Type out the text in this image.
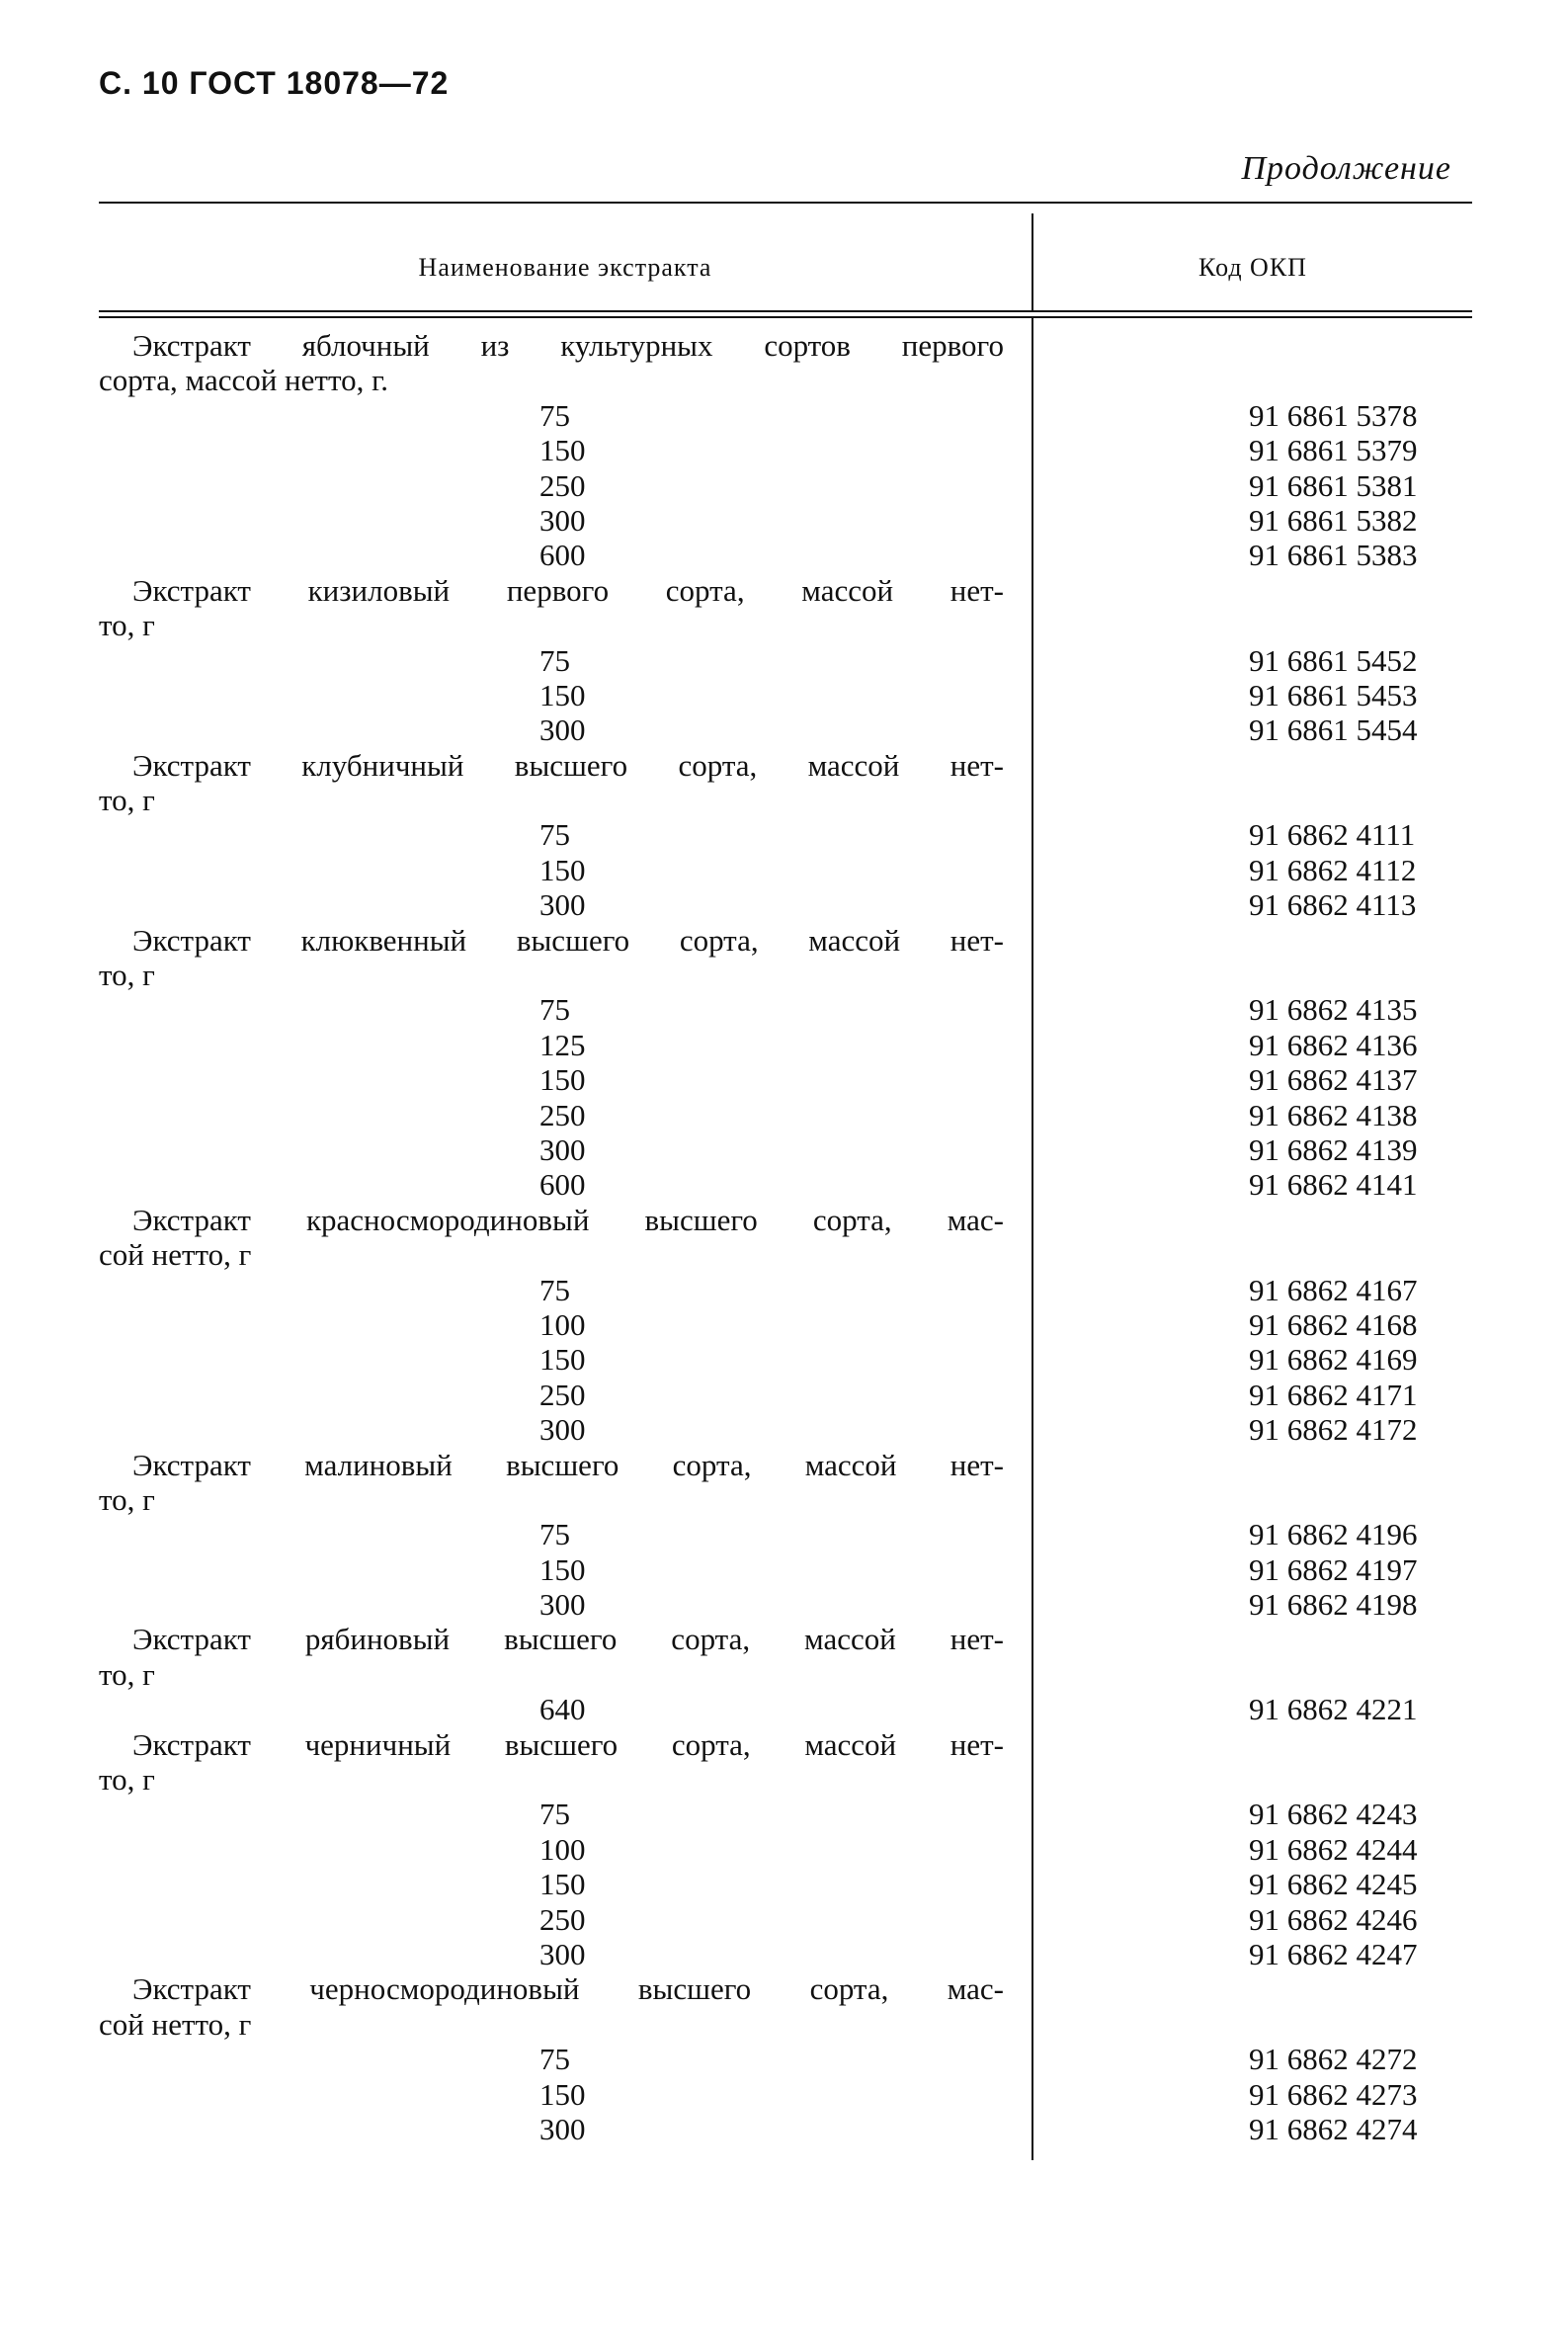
С. 10 ГОСТ 18078—72
Продолжение
Наименование экстракта	Код ОКП
Экстракт яблочный из культурных сортов первого
сорта, массой нетто, г.
75	91 6861 5378
150	91 6861 5379
250	91 6861 5381
300	91 6861 5382
600	91 6861 5383
Экстракт кизиловый первого сорта, массой нет-
то, г
75	91 6861 5452
150	91 6861 5453
300	91 6861 5454
Экстракт клубничный высшего сорта, массой нет-
то, г
75	91 6862 4111
150	91 6862 4112
300	91 6862 4113
Экстракт клюквенный высшего сорта, массой нет-
то, г
75	91 6862 4135
125	91 6862 4136
150	91 6862 4137
250	91 6862 4138
300	91 6862 4139
600	91 6862 4141
Экстракт красносмородиновый высшего сорта, мас-
сой нетто, г
75	91 6862 4167
100	91 6862 4168
150	91 6862 4169
250	91 6862 4171
300	91 6862 4172
Экстракт малиновый высшего сорта, массой нет-
то, г
75	91 6862 4196
150	91 6862 4197
300	91 6862 4198
Экстракт рябиновый высшего сорта, массой нет-
то, г
640	91 6862 4221
Экстракт черничный высшего сорта, массой нет-
то, г
75	91 6862 4243
100	91 6862 4244
150	91 6862 4245
250	91 6862 4246
300	91 6862 4247
Экстракт черносмородиновый высшего сорта, мас-
сой нетто, г
75	91 6862 4272
150	91 6862 4273
300	91 6862 4274
